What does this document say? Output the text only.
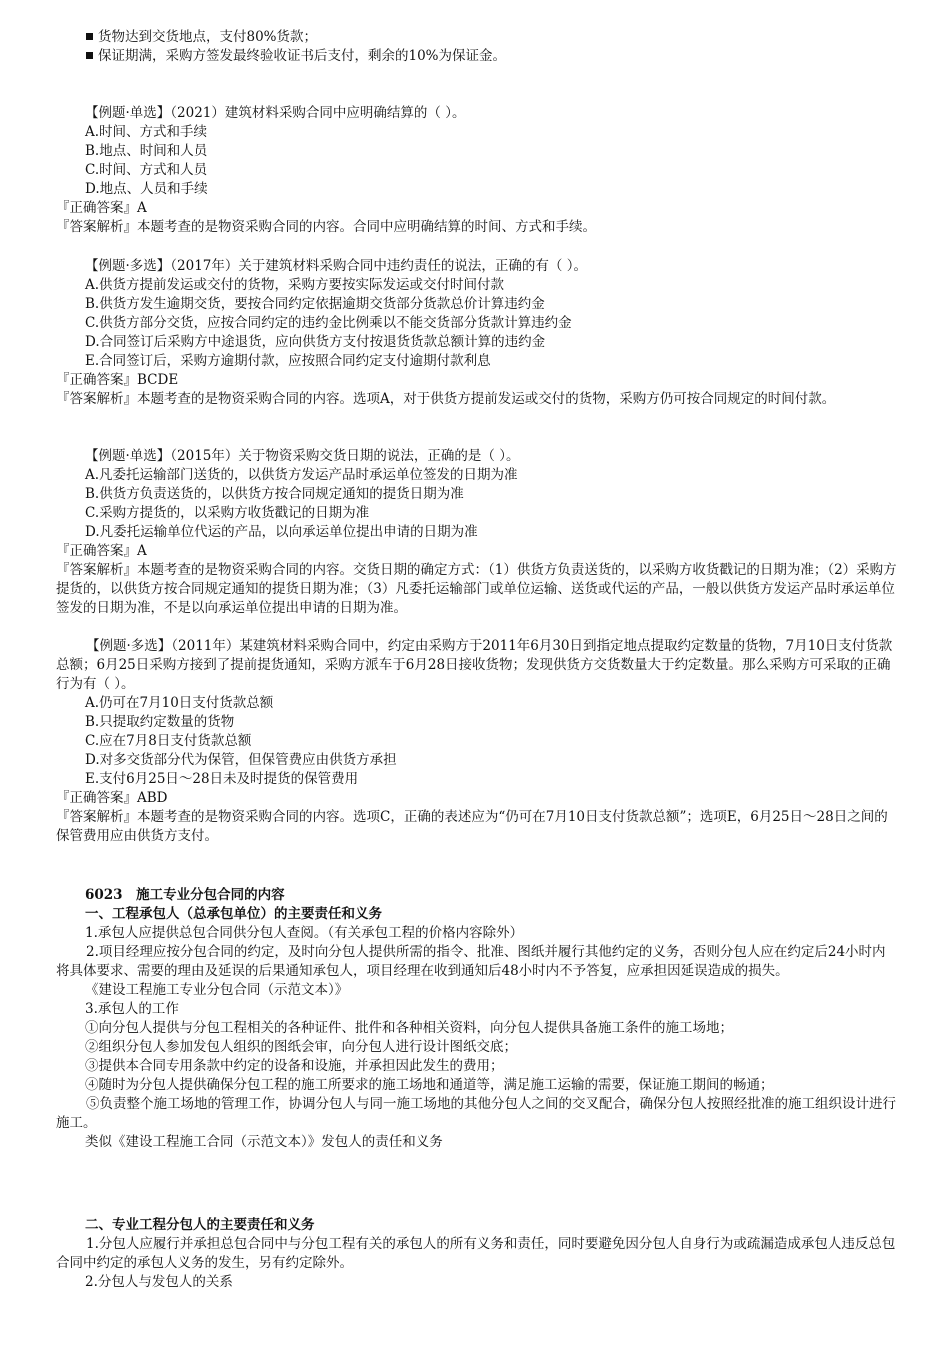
货物达到交货地点，支付80%货款；
保证期满，采购方签发最终验收证书后支付，剩余的10%为保证金。
【例题·单选】（2021）建筑材料采购合同中应明确结算的（ ）。
A.时间、方式和手续
B.地点、时间和人员
C.时间、方式和人员
D.地点、人员和手续
『正确答案』A
『答案解析』本题考查的是物资采购合同的内容。合同中应明确结算的时间、方式和手续。
【例题·多选】（2017年）关于建筑材料采购合同中违约责任的说法，正确的有（ ）。
A.供货方提前发运或交付的货物，采购方要按实际发运或交付时间付款
B.供货方发生逾期交货，要按合同约定依据逾期交货部分货款总价计算违约金
C.供货方部分交货，应按合同约定的违约金比例乘以不能交货部分货款计算违约金
D.合同签订后采购方中途退货，应向供货方支付按退货货款总额计算的违约金
E.合同签订后，采购方逾期付款，应按照合同约定支付逾期付款利息
『正确答案』BCDE
『答案解析』本题考查的是物资采购合同的内容。选项A，对于供货方提前发运或交付的货物，采购方仍可按合同规定的时间付款。
【例题·单选】（2015年）关于物资采购交货日期的说法，正确的是（ ）。
A.凡委托运输部门送货的，以供货方发运产品时承运单位签发的日期为准
B.供货方负责送货的，以供货方按合同规定通知的提货日期为准
C.采购方提货的，以采购方收货戳记的日期为准
D.凡委托运输单位代运的产品，以向承运单位提出申请的日期为准
『正确答案』A
『答案解析』本题考查的是物资采购合同的内容。交货日期的确定方式：（1）供货方负责送货的，以采购方收货戳记的日期为准；（2）采购方提货的，以供货方按合同规定通知的提货日期为准；（3）凡委托运输部门或单位运输、送货或代运的产品，一般以供货方发运产品时承运单位签发的日期为准，不是以向承运单位提出申请的日期为准。
【例题·多选】（2011年）某建筑材料采购合同中，约定由采购方于2011年6月30日到指定地点提取约定数量的货物，7月10日支付货款总额；6月25日采购方接到了提前提货通知，采购方派车于6月28日接收货物；发现供货方交货数量大于约定数量。那么采购方可采取的正确行为有（ ）。
A.仍可在7月10日支付货款总额
B.只提取约定数量的货物
C.应在7月8日支付货款总额
D.对多交货部分代为保管，但保管费应由供货方承担
E.支付6月25日～28日未及时提货的保管费用
『正确答案』ABD
『答案解析』本题考查的是物资采购合同的内容。选项C，正确的表述应为“仍可在7月10日支付货款总额”；选项E，6月25日～28日之间的保管费用应由供货方支付。
6023　施工专业分包合同的内容
一、工程承包人（总承包单位）的主要责任和义务
1.承包人应提供总包合同供分包人查阅。（有关承包工程的价格内容除外）
2.项目经理应按分包合同的约定，及时向分包人提供所需的指令、批准、图纸并履行其他约定的义务，否则分包人应在约定后24小时内将具体要求、需要的理由及延误的后果通知承包人，项目经理在收到通知后48小时内不予答复，应承担因延误造成的损失。
《建设工程施工专业分包合同（示范文本）》
3.承包人的工作
①向分包人提供与分包工程相关的各种证件、批件和各种相关资料，向分包人提供具备施工条件的施工场地；
②组织分包人参加发包人组织的图纸会审，向分包人进行设计图纸交底；
③提供本合同专用条款中约定的设备和设施，并承担因此发生的费用；
④随时为分包人提供确保分包工程的施工所要求的施工场地和通道等，满足施工运输的需要，保证施工期间的畅通；
⑤负责整个施工场地的管理工作，协调分包人与同一施工场地的其他分包人之间的交叉配合，确保分包人按照经批准的施工组织设计进行施工。
类似《建设工程施工合同（示范文本）》发包人的责任和义务
二、专业工程分包人的主要责任和义务
1.分包人应履行并承担总包合同中与分包工程有关的承包人的所有义务和责任，同时要避免因分包人自身行为或疏漏造成承包人违反总包合同中约定的承包人义务的发生，另有约定除外。
2.分包人与发包人的关系
